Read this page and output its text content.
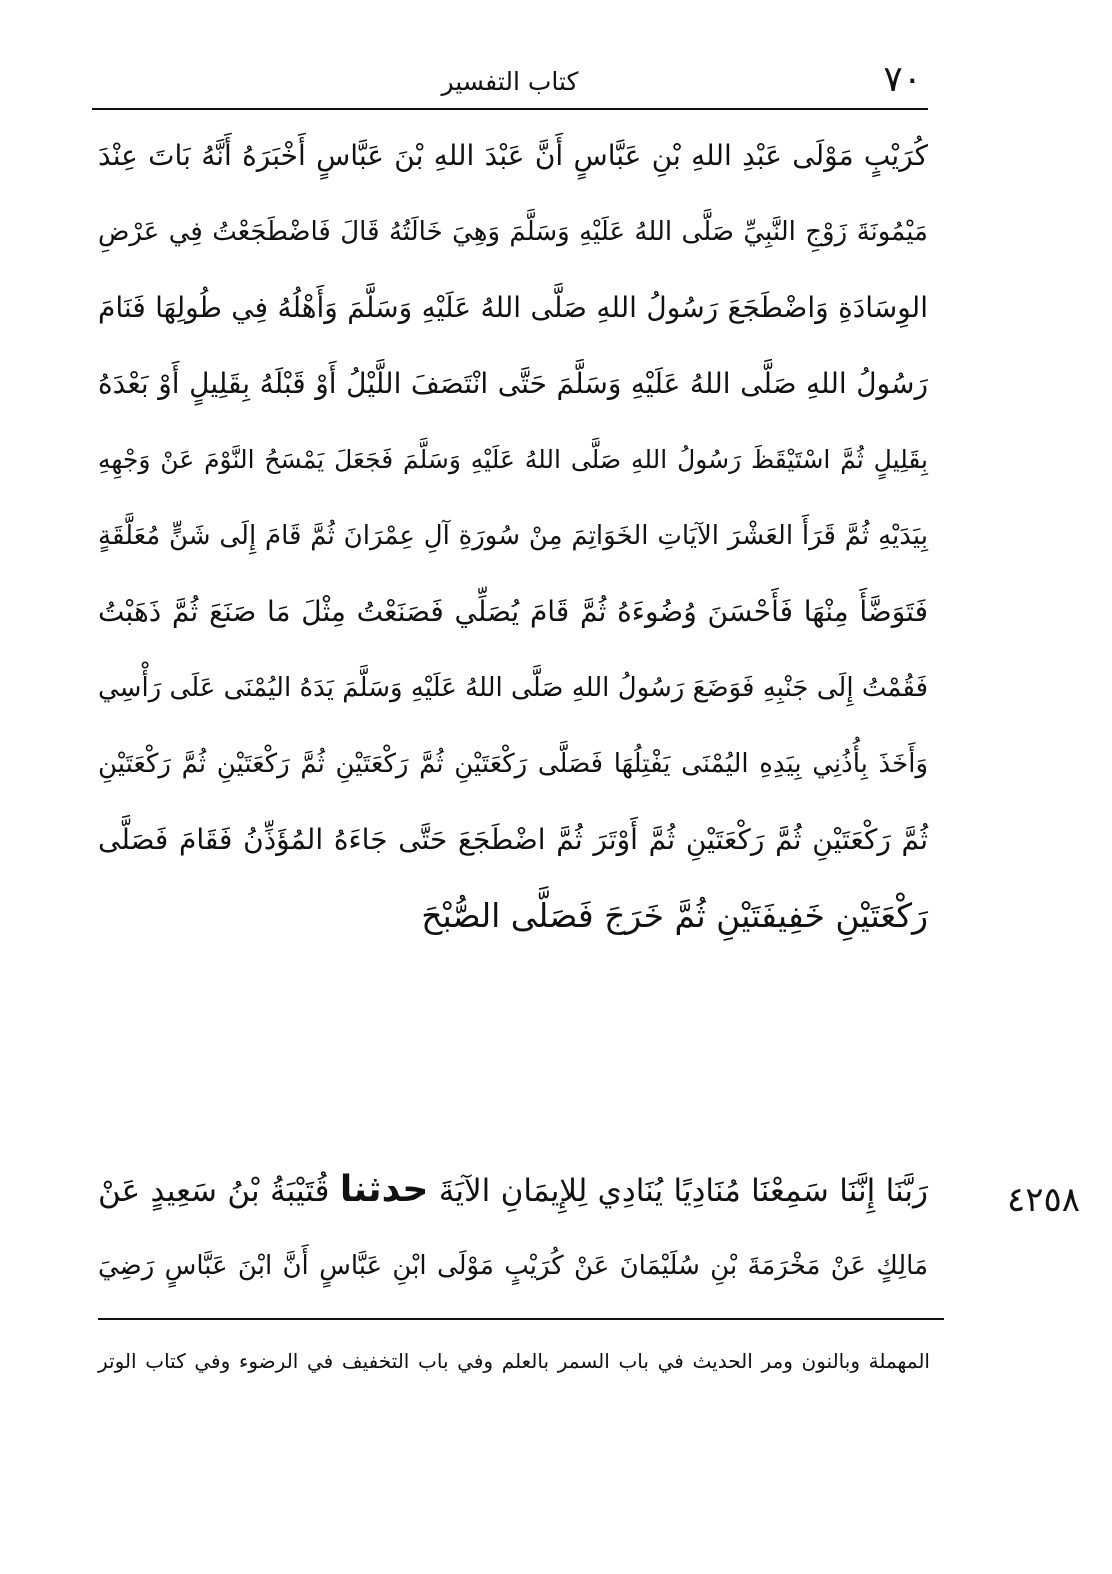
٧٠
كتاب التفسير
كُرَيْبٍ مَوْلَى عَبْدِ اللهِ بْنِ عَبَّاسٍ أَنَّ عَبْدَ اللهِ بْنَ عَبَّاسٍ أَخْبَرَهُ أَنَّهُ بَاتَ عِنْدَ
مَيْمُونَةَ زَوْجِ النَّبِيِّ صَلَّى اللهُ عَلَيْهِ وَسَلَّمَ وَهِيَ خَالَتُهُ قَالَ فَاضْطَجَعْتُ فِي عَرْضِ
الوِسَادَةِ وَاضْطَجَعَ رَسُولُ اللهِ صَلَّى اللهُ عَلَيْهِ وَسَلَّمَ وَأَهْلُهُ فِي طُولِهَا فَنَامَ
رَسُولُ اللهِ صَلَّى اللهُ عَلَيْهِ وَسَلَّمَ حَتَّى انْتَصَفَ اللَّيْلُ أَوْ قَبْلَهُ بِقَلِيلٍ أَوْ بَعْدَهُ
بِقَلِيلٍ ثُمَّ اسْتَيْقَظَ رَسُولُ اللهِ صَلَّى اللهُ عَلَيْهِ وَسَلَّمَ فَجَعَلَ يَمْسَحُ النَّوْمَ عَنْ وَجْهِهِ
بِيَدَيْهِ ثُمَّ قَرَأَ العَشْرَ الآيَاتِ الخَوَاتِمَ مِنْ سُورَةِ آلِ عِمْرَانَ ثُمَّ قَامَ إِلَى شَنٍّ مُعَلَّقَةٍ
فَتَوَضَّأَ مِنْهَا فَأَحْسَنَ وُضُوءَهُ ثُمَّ قَامَ يُصَلِّي فَصَنَعْتُ مِثْلَ مَا صَنَعَ ثُمَّ ذَهَبْتُ
فَقُمْتُ إِلَى جَنْبِهِ فَوَضَعَ رَسُولُ اللهِ صَلَّى اللهُ عَلَيْهِ وَسَلَّمَ يَدَهُ اليُمْنَى عَلَى رَأْسِي
وَأَخَذَ بِأُذُنِي بِيَدِهِ اليُمْنَى يَفْتِلُهَا فَصَلَّى رَكْعَتَيْنِ ثُمَّ رَكْعَتَيْنِ ثُمَّ رَكْعَتَيْنِ ثُمَّ رَكْعَتَيْنِ
ثُمَّ رَكْعَتَيْنِ ثُمَّ رَكْعَتَيْنِ ثُمَّ أَوْتَرَ ثُمَّ اضْطَجَعَ حَتَّى جَاءَهُ المُؤَذِّنُ فَقَامَ فَصَلَّى
رَكْعَتَيْنِ خَفِيفَتَيْنِ ثُمَّ خَرَجَ فَصَلَّى الصُّبْحَ
٤٢٥٨
رَبَّنَا إِنَّنَا سَمِعْنَا مُنَادِيًا يُنَادِي لِلإِيمَانِ الآيَةَ حدثنا قُتَيْبَةُ بْنُ سَعِيدٍ عَنْ
مَالِكٍ عَنْ مَخْرَمَةَ بْنِ سُلَيْمَانَ عَنْ كُرَيْبٍ مَوْلَى ابْنِ عَبَّاسٍ أَنَّ ابْنَ عَبَّاسٍ رَضِيَ
المهملة وبالنون ومر الحديث في باب السمر بالعلم وفي باب التخفيف في الرضوء وفي كتاب الوتر
